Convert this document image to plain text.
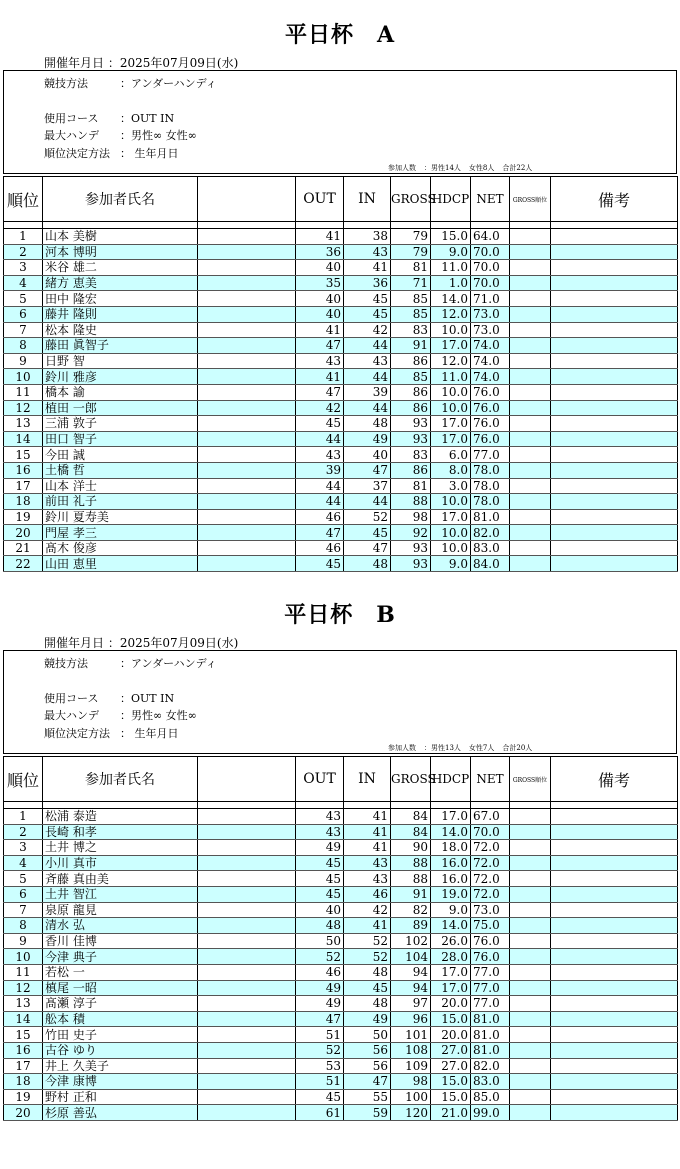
平日杯　A
開催年月日 ：2025年07月09日(水)
競技方法	：アンダーハンディ
使用コース ：OUT IN
最大ハンデ ：男性∞ 女性∞
順位決定方法 ： 生年月日
参加人数 ：男性14人 女性8人 合計22人
順位	参加者氏名		OUT	IN	GROSS	HDCP	NET	GROSS順位	備考

1	山本 美樹		41	38	79	15.0	64.0		
2	河本 博明		36	43	79	9.0	70.0		
3	米谷 雄二		40	41	81	11.0	70.0		
4	緒方 恵美		35	36	71	1.0	70.0		
5	田中 隆宏		40	45	85	14.0	71.0		
6	藤井 隆則		40	45	85	12.0	73.0		
7	松本 隆史		41	42	83	10.0	73.0		
8	藤田 眞智子		47	44	91	17.0	74.0		
9	日野 智		43	43	86	12.0	74.0		
10	鈴川 雅彦		41	44	85	11.0	74.0		
11	橋本 諭		47	39	86	10.0	76.0		
12	植田 一郎		42	44	86	10.0	76.0		
13	三浦 敦子		45	48	93	17.0	76.0		
14	田口 智子		44	49	93	17.0	76.0		
15	今田 誠		43	40	83	6.0	77.0		
16	土橋 哲		39	47	86	8.0	78.0		
17	山本 洋士		44	37	81	3.0	78.0		
18	前田 礼子		44	44	88	10.0	78.0		
19	鈴川 夏寿美		46	52	98	17.0	81.0		
20	門屋 孝三		47	45	92	10.0	82.0		
21	髙木 俊彦		46	47	93	10.0	83.0		
22	山田 恵里		45	48	93	9.0	84.0		
平日杯　B
開催年月日 ：2025年07月09日(水)
競技方法	：アンダーハンディ
使用コース ：OUT IN
最大ハンデ ：男性∞ 女性∞
順位決定方法 ： 生年月日
参加人数 ：男性13人 女性7人 合計20人
順位	参加者氏名		OUT	IN	GROSS	HDCP	NET	GROSS順位	備考

1	松浦 泰造		43	41	84	17.0	67.0		
2	長崎 和孝		43	41	84	14.0	70.0		
3	土井 博之		49	41	90	18.0	72.0		
4	小川 真市		45	43	88	16.0	72.0		
5	斉藤 真由美		45	43	88	16.0	72.0		
6	土井 智江		45	46	91	19.0	72.0		
7	泉原 龍見		40	42	82	9.0	73.0		
8	清水 弘		48	41	89	14.0	75.0		
9	香川 佳博		50	52	102	26.0	76.0		
10	今津 典子		52	52	104	28.0	76.0		
11	若松 一		46	48	94	17.0	77.0		
12	槙尾 一昭		49	45	94	17.0	77.0		
13	髙瀬 淳子		49	48	97	20.0	77.0		
14	舩本 積		47	49	96	15.0	81.0		
15	竹田 史子		51	50	101	20.0	81.0		
16	古谷 ゆり		52	56	108	27.0	81.0		
17	井上 久美子		53	56	109	27.0	82.0		
18	今津 康博		51	47	98	15.0	83.0		
19	野村 正和		45	55	100	15.0	85.0		
20	杉原 善弘		61	59	120	21.0	99.0		
